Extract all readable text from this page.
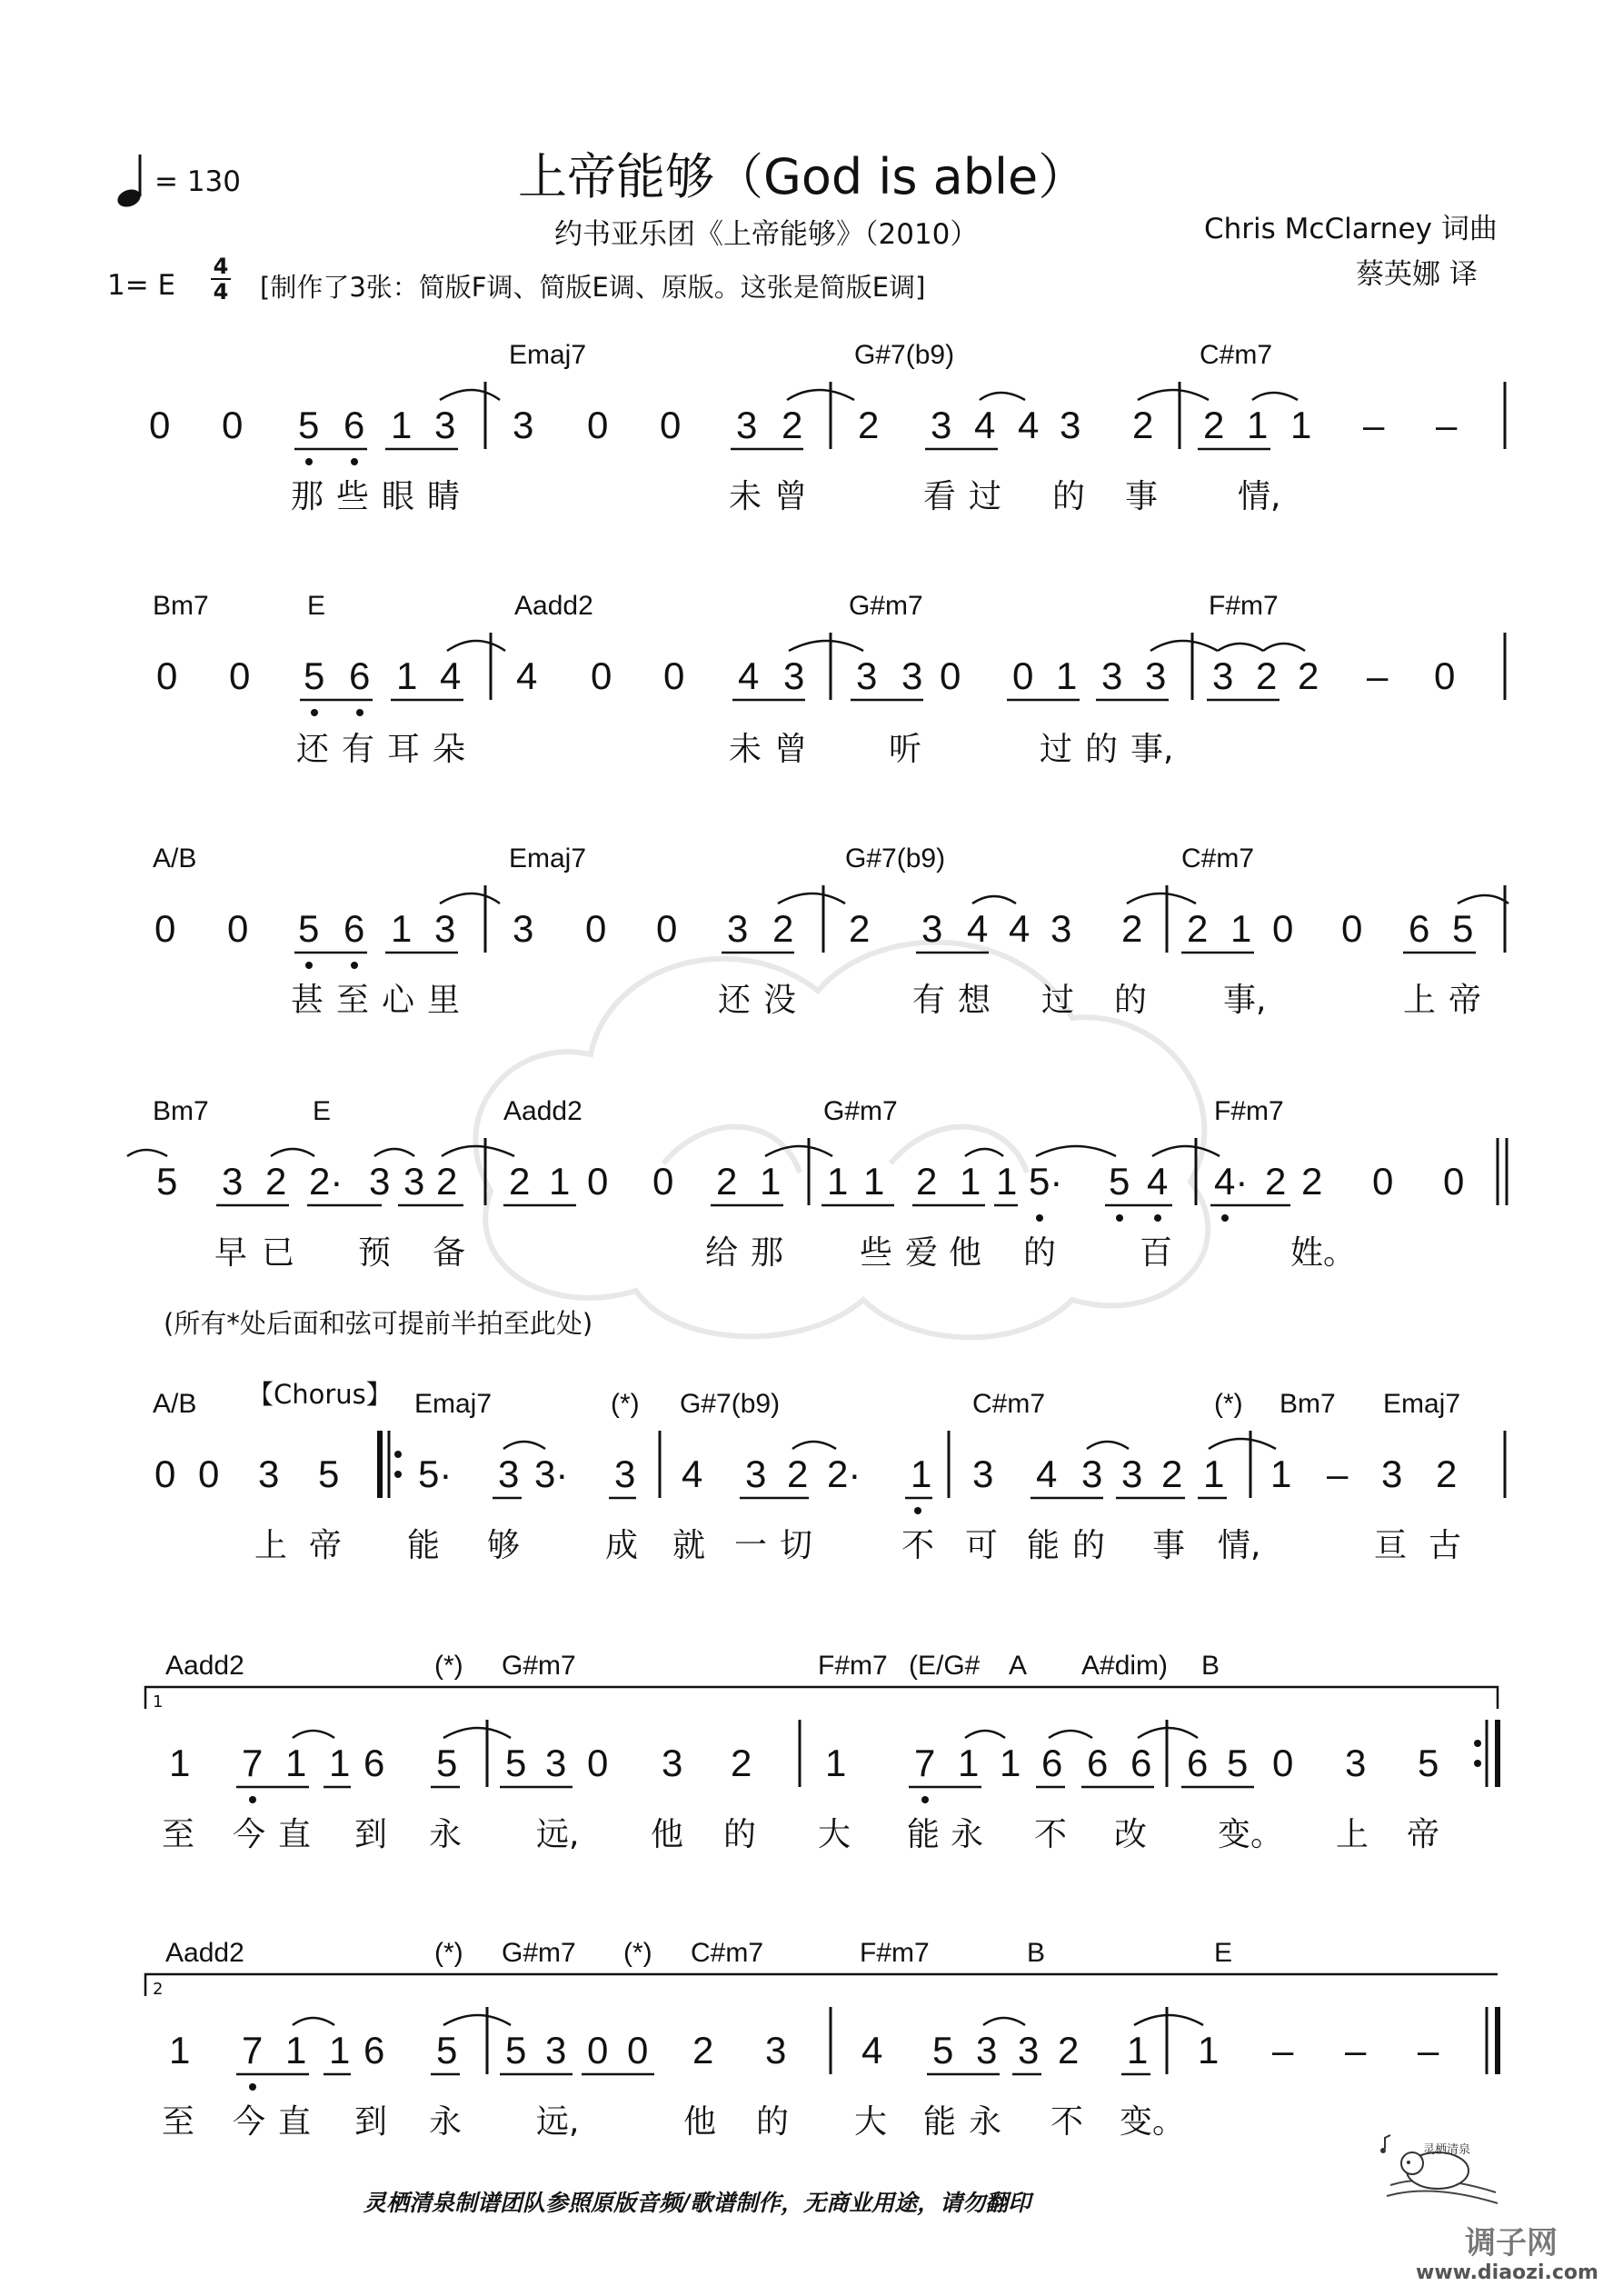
= 130	上帝能够（God is able）
约书亚乐团《上帝能够》（2010）	Chris McClarney 词曲
蔡英娜 译
1= E
4
4 [制作了3张：简版F调、简版E调、原版。这张是简版E调]
(所有*处后面和弦可提前半拍至此处)
【Chorus】
1
2
Emaj7	G#7(b9)	C#m7
0 0 5 6 1 3 3 0 0 3 2 2 3 4 4 3 2 2 1 1 – –
那 些 眼 睛	未 曾	看 过 的 事 情,
Bm7	E	Aadd2	G#m7	F#m7
0 0 5 6 1 4 4 0 0 4 3 3 3 0 0 1 3 3 3 2 2 – 0
还 有 耳 朵	未 曾 听	过 的 事,
A/B	Emaj7	G#7(b9)	C#m7
0 0 5 6 1 3 3 0 0 3 2 2 3 4 4 3 2 2 1 0 0 6 5
甚 至 心 里	还 没	有 想 过 的 事,	上 帝
Bm7	E	Aadd2	G#m7	F#m7
5 3 2 2· 3 3 2 2 1 0 0 2 1 1 1 2 1 1 5· 5 4 4· 2 2 0 0
早 已 预 备	给 那 些 爱 他 的	百	姓。
A/B	Emaj7	(*) G#7(b9)	C#m7	(*) Bm7 Emaj7
0 0 3 5 5· 3 3· 3 4 3 2 2· 1 3 4 3 3 2 1 1 – 3 2
上 帝 能 够	成 就 一 切	不 可 能 的 事 情,	亘 古
Aadd2	(*) G#m7	F#m7 (E/G# A A#dim) B
1 7 1 1 6 5 5 3 0 3 2 1 7 1 1 6 6 6 6 5 0 3 5
至 今 直 到 永 远, 他 的 大 能 永 不 改 变。 上 帝
Aadd2	(*) G#m7 (*) C#m7	F#m7	B	E
1 7 1 1 6 5 5 3 0 0 2 3 4 5 3 3 2 1 1 – – –
至 今 直 到 永 远,	他 的 大 能 永 不 变。
灵栖清泉制谱团队参照原版音频/歌谱制作，无商业用途，请勿翻印
灵栖清泉
调子网
www.diaozi.com
